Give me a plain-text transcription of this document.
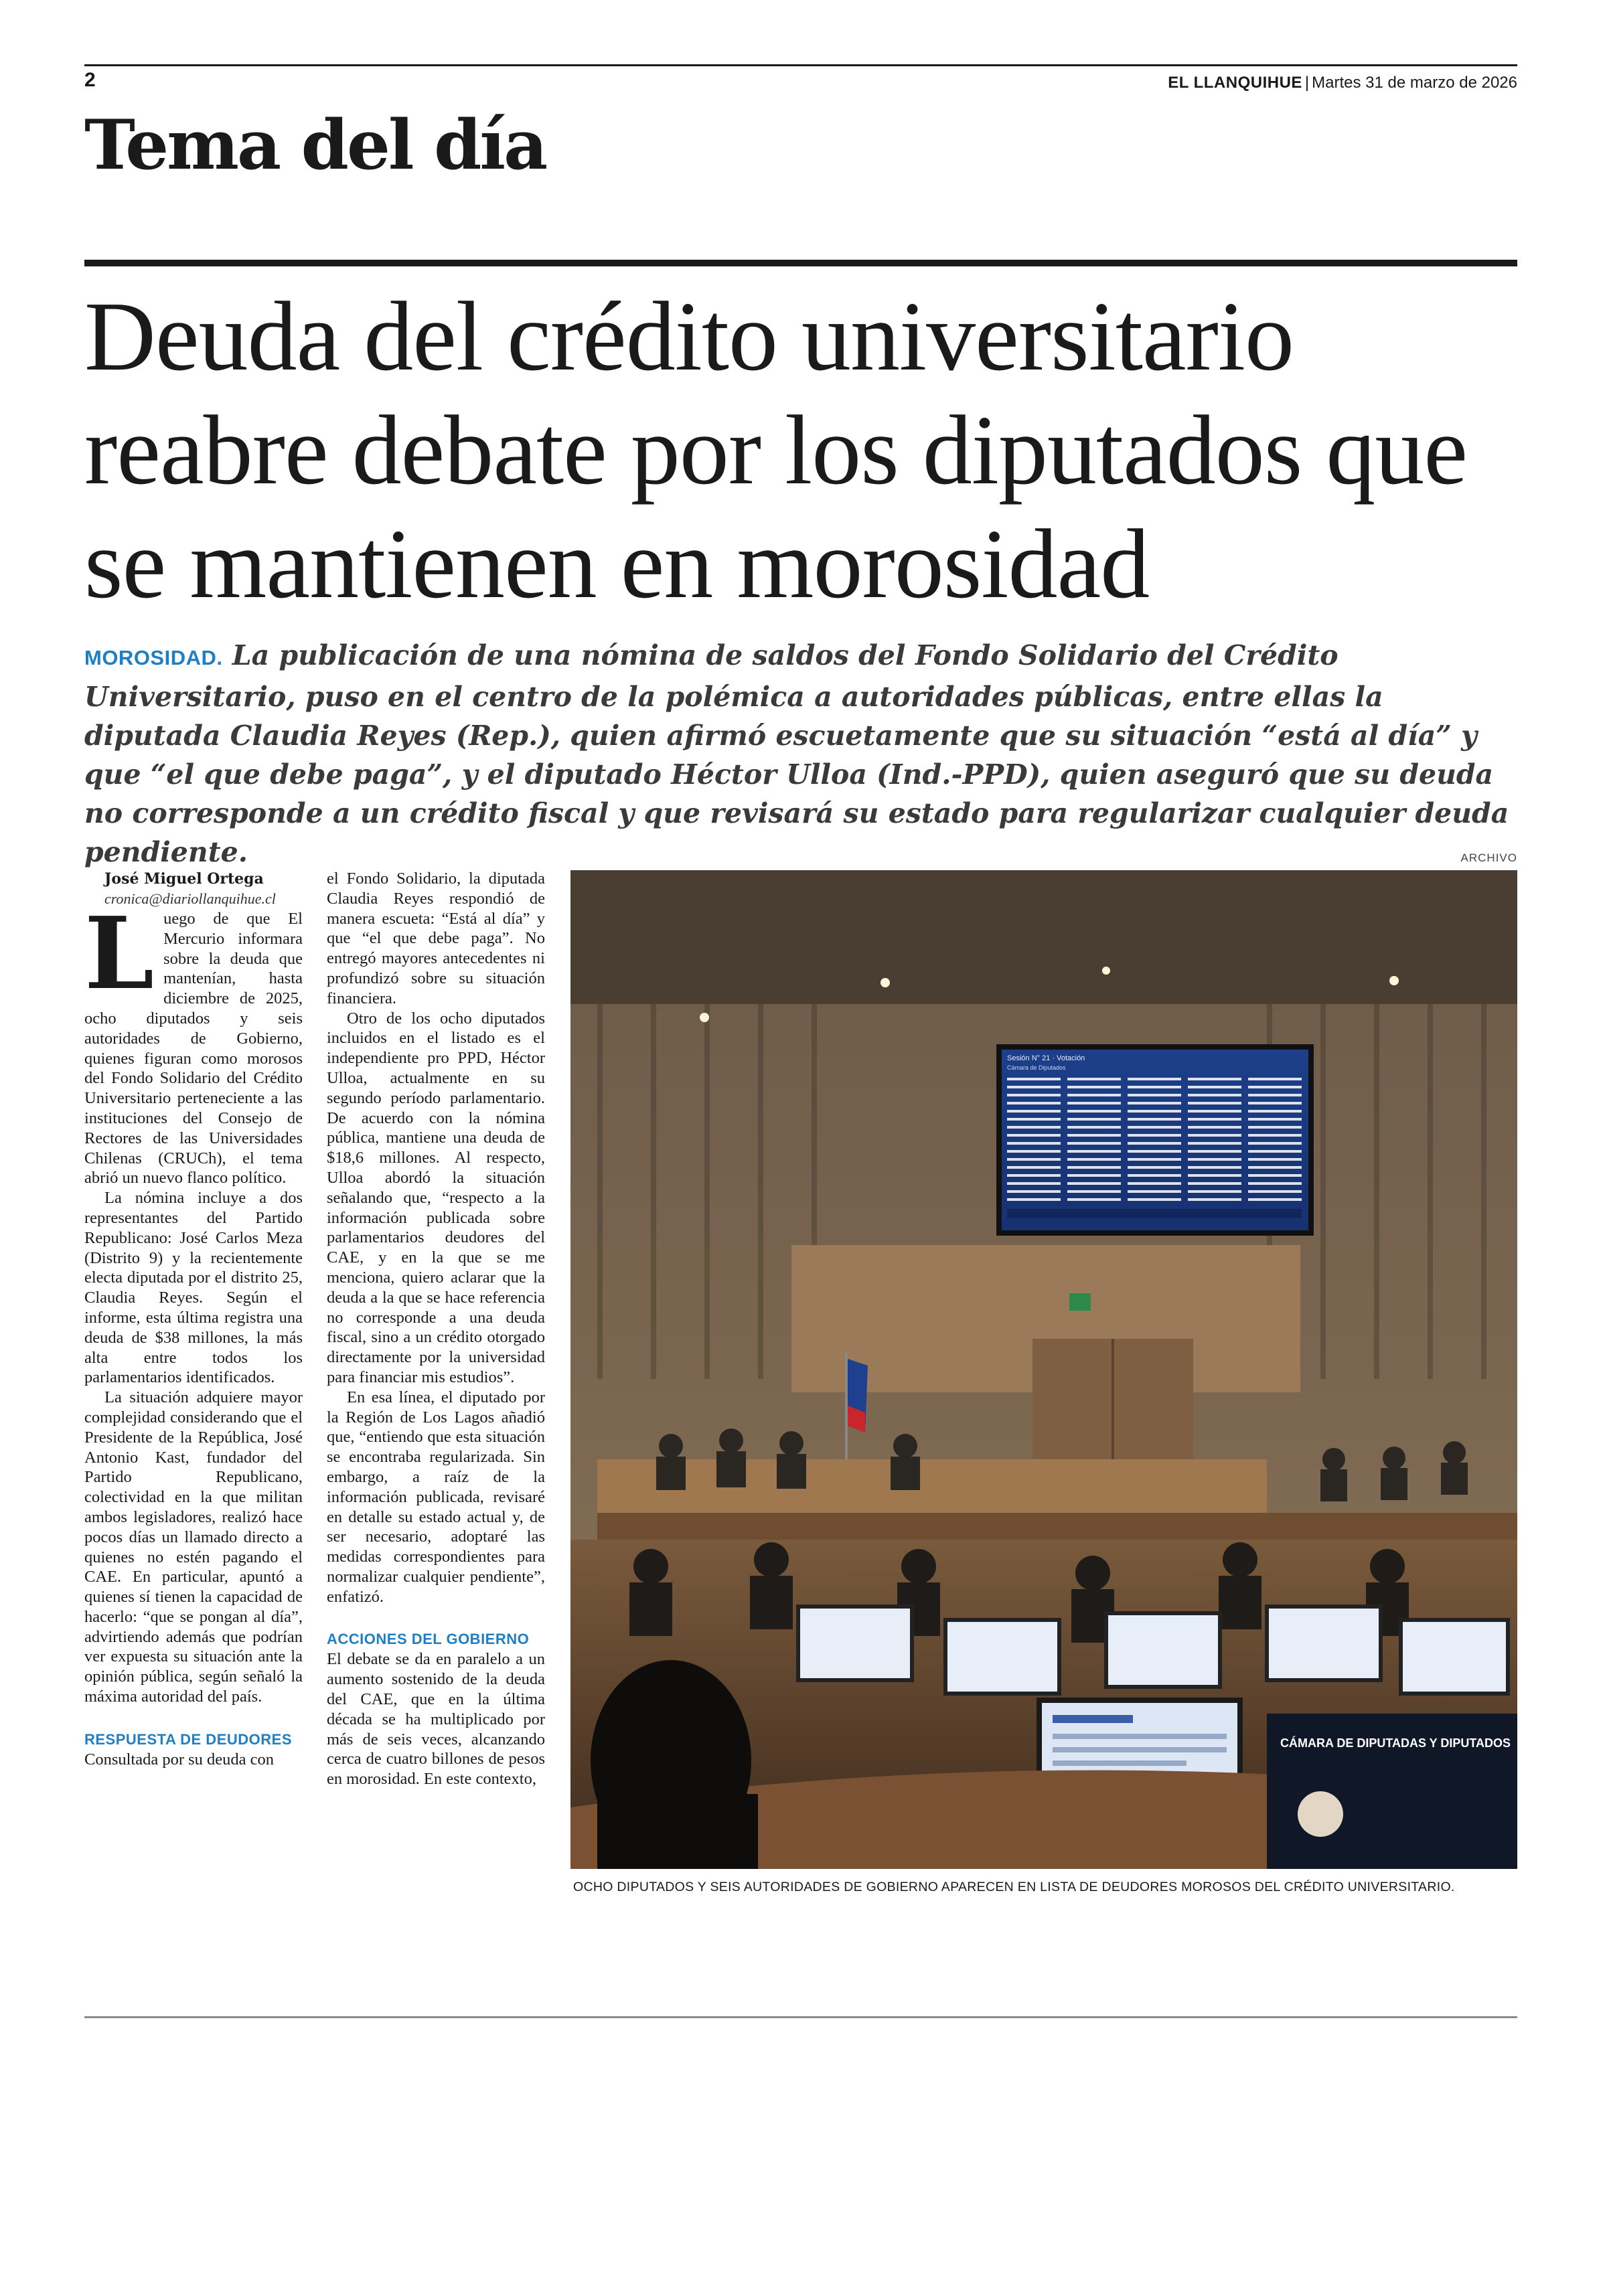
2	EL LLANQUIHUE | Martes 31 de marzo de 2026
Tema del día
Deuda del crédito universitario reabre debate por los diputados que se mantienen en morosidad

MOROSIDAD. La publicación de una nómina de saldos del Fondo Solidario del Crédito Universitario, puso en el centro de la polémica a autoridades públicas, entre ellas la diputada Claudia Reyes (Rep.), quien afirmó escuetamente que su situación “está al día” y que “el que debe paga”, y el diputado Héctor Ulloa (Ind.-PPD), quien aseguró que su deuda no corresponde a un crédito fiscal y que revisará su estado para regularizar cualquier deuda pendiente.	ARCHIVO

José Miguel Ortega

cronica@diariollanquihue.cl

Luego de que El Mercurio informara sobre la deuda que mantenían, hasta diciembre de 2025, ocho diputados y seis autoridades de Gobierno, quienes figuran como morosos del Fondo Solidario del Crédito Universitario perteneciente a las instituciones del Consejo de Rectores de las Universidades Chilenas (CRUCh), el tema abrió un nuevo flanco político.

La nómina incluye a dos representantes del Partido Republicano: José Carlos Meza (Distrito 9) y la recientemente electa diputada por el distrito 25, Claudia Reyes. Según el informe, esta última registra una deuda de $38 millones, la más alta entre todos los parlamentarios identificados.

La situación adquiere mayor complejidad considerando que el Presidente de la República, José Antonio Kast, fundador del Partido Republicano, colectividad en la que militan ambos legisladores, realizó hace pocos días un llamado directo a quienes no estén pagando el CAE. En particular, apuntó a quienes sí tienen la capacidad de hacerlo: “que se pongan al día”, advirtiendo además que podrían ver expuesta su situación ante la opinión pública, según señaló la máxima autoridad del país.

RESPUESTA DE DEUDORES

Consultada por su deuda con

el Fondo Solidario, la diputada Claudia Reyes respondió de manera escueta: “Está al día” y que “el que debe paga”. No entregó mayores antecedentes ni profundizó sobre su situación financiera.

Otro de los ocho diputados incluidos en el listado es el independiente pro PPD, Héctor Ulloa, actualmente en su segundo período parlamentario. De acuerdo con la nómina pública, mantiene una deuda de $18,6 millones. Al respecto, Ulloa abordó la situación señalando que, “respecto a la información publicada sobre parlamentarios deudores del CAE, y en la que se me menciona, quiero aclarar que la deuda a la que se hace referencia no corresponde a una deuda fiscal, sino a un crédito otorgado directamente por la universidad para financiar mis estudios”.

En esa línea, el diputado por la Región de Los Lagos añadió que, “entiendo que esta situación se encontraba regularizada. Sin embargo, a raíz de la información publicada, revisaré en detalle su estado actual y, de ser necesario, adoptaré las medidas correspondientes para normalizar cualquier pendiente”, enfatizó.

ACCIONES DEL GOBIERNO

El debate se da en paralelo a un aumento sostenido de la deuda del CAE, que en la última década se ha multiplicado por más de seis veces, alcanzando cerca de cuatro billones de pesos en morosidad. En este contexto,

Sesión N° 21 · Votación
Cámara de Diputados
CÁMARA DE DIPUTADAS Y DIPUTADOS
OCHO DIPUTADOS Y SEIS AUTORIDADES DE GOBIERNO APARECEN EN LISTA DE DEUDORES MOROSOS DEL CRÉDITO UNIVERSITARIO.
